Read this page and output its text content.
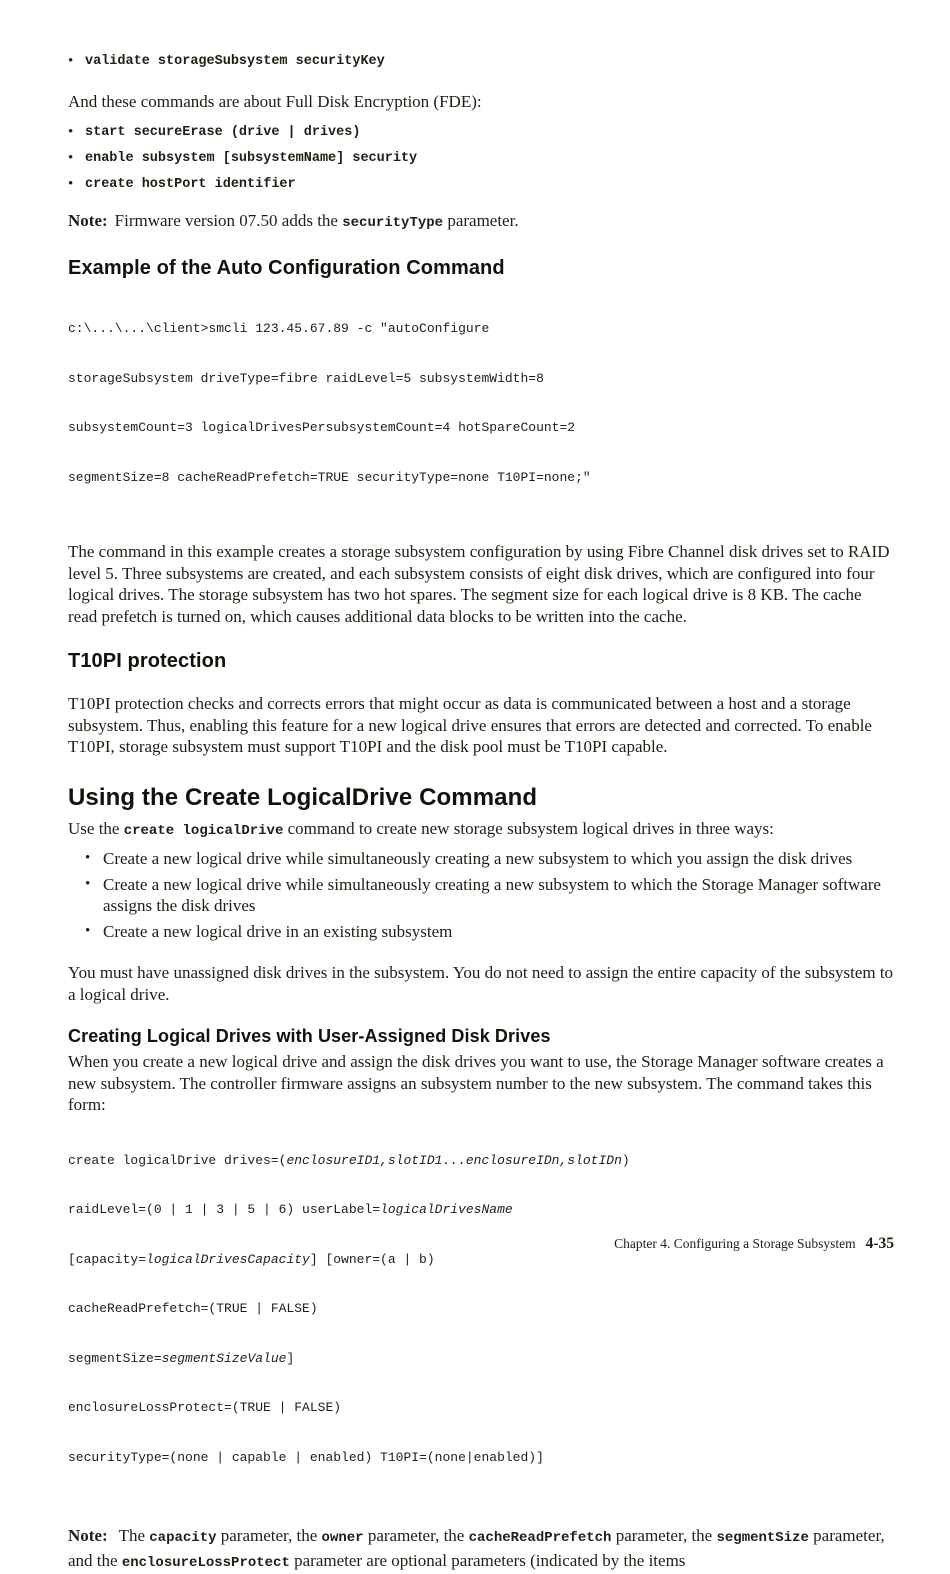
• validate storageSubsystem securityKey

And these commands are about Full Disk Encryption (FDE):

• start secureErase (drive | drives)
• enable subsystem [subsystemName] security
• create hostPort identifier

Note: Firmware version 07.50 adds the securityType parameter.

Example of the Auto Configuration Command

c:\...\...\client>smcli 123.45.67.89 -c "autoConfigure

storageSubsystem driveType=fibre raidLevel=5 subsystemWidth=8

subsystemCount=3 logicalDrivesPersubsystemCount=4 hotSpareCount=2

segmentSize=8 cacheReadPrefetch=TRUE securityType=none T10PI=none;"

The command in this example creates a storage subsystem configuration by using Fibre Channel disk drives set to RAID level 5. Three subsystems are created, and each subsystem consists of eight disk drives, which are configured into four logical drives. The storage subsystem has two hot spares. The segment size for each logical drive is 8 KB. The cache read prefetch is turned on, which causes additional data blocks to be written into the cache.

T10PI protection

T10PI protection checks and corrects errors that might occur as data is communicated between a host and a storage subsystem. Thus, enabling this feature for a new logical drive ensures that errors are detected and corrected. To enable T10PI, storage subsystem must support T10PI and the disk pool must be T10PI capable.

Using the Create LogicalDrive Command

Use the create logicalDrive command to create new storage subsystem logical drives in three ways:

• Create a new logical drive while simultaneously creating a new subsystem to which you assign the disk drives
• Create a new logical drive while simultaneously creating a new subsystem to which the Storage Manager software assigns the disk drives
• Create a new logical drive in an existing subsystem

You must have unassigned disk drives in the subsystem. You do not need to assign the entire capacity of the subsystem to a logical drive.

Creating Logical Drives with User-Assigned Disk Drives

When you create a new logical drive and assign the disk drives you want to use, the Storage Manager software creates a new subsystem. The controller firmware assigns an subsystem number to the new subsystem. The command takes this form:

create logicalDrive drives=(enclosureID1,slotID1...enclosureIDn,slotIDn)

raidLevel=(0 | 1 | 3 | 5 | 6) userLabel=logicalDrivesName

[capacity=logicalDrivesCapacity] [owner=(a | b)

cacheReadPrefetch=(TRUE | FALSE)

segmentSize=segmentSizeValue]

enclosureLossProtect=(TRUE | FALSE)

securityType=(none | capable | enabled) T10PI=(none|enabled)]

Note: The capacity parameter, the owner parameter, the cacheReadPrefetch parameter, the segmentSize parameter, and the enclosureLossProtect parameter are optional parameters (indicated by the items

Chapter 4. Configuring a Storage Subsystem 4-35
